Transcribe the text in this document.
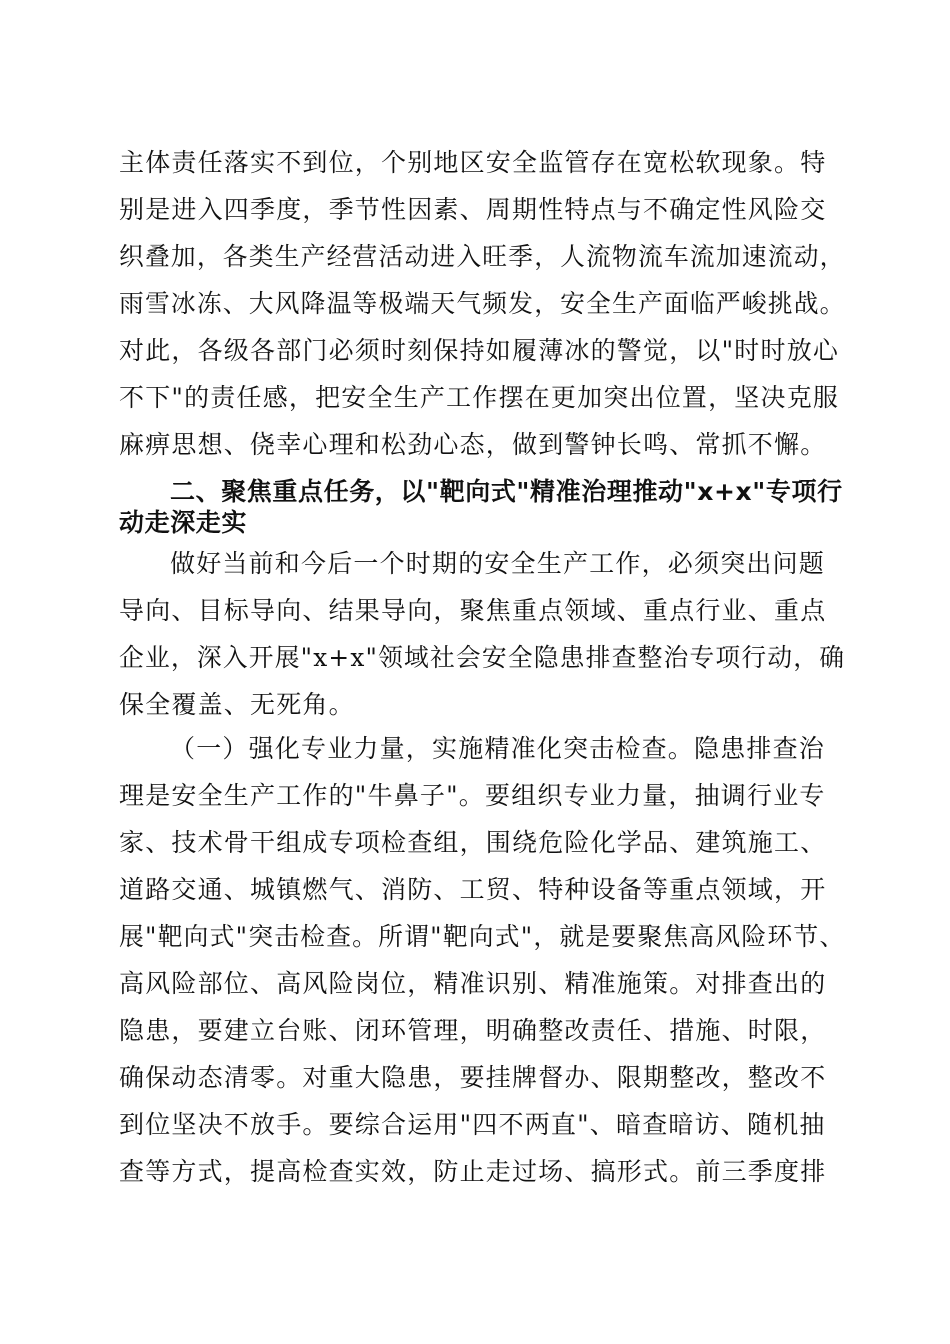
主体责任落实不到位，个别地区安全监管存在宽松软现象。特
别是进入四季度，季节性因素、周期性特点与不确定性风险交
织叠加，各类生产经营活动进入旺季，人流物流车流加速流动，
雨雪冰冻、大风降温等极端天气频发，安全生产面临严峻挑战。
对此，各级各部门必须时刻保持如履薄冰的警觉，以"时时放心
不下"的责任感，把安全生产工作摆在更加突出位置，坚决克服
麻痹思想、侥幸心理和松劲心态，做到警钟长鸣、常抓不懈。
二、聚焦重点任务，以"靶向式"精准治理推动"x+x"专项行
动走深走实
做好当前和今后一个时期的安全生产工作，必须突出问题
导向、目标导向、结果导向，聚焦重点领域、重点行业、重点
企业，深入开展"x+x"领域社会安全隐患排查整治专项行动，确
保全覆盖、无死角。
（一）强化专业力量，实施精准化突击检查。隐患排查治
理是安全生产工作的"牛鼻子"。要组织专业力量，抽调行业专
家、技术骨干组成专项检查组，围绕危险化学品、建筑施工、
道路交通、城镇燃气、消防、工贸、特种设备等重点领域，开
展"靶向式"突击检查。所谓"靶向式"，就是要聚焦高风险环节、
高风险部位、高风险岗位，精准识别、精准施策。对排查出的
隐患，要建立台账、闭环管理，明确整改责任、措施、时限，
确保动态清零。对重大隐患，要挂牌督办、限期整改，整改不
到位坚决不放手。要综合运用"四不两直"、暗查暗访、随机抽
查等方式，提高检查实效，防止走过场、搞形式。前三季度排
